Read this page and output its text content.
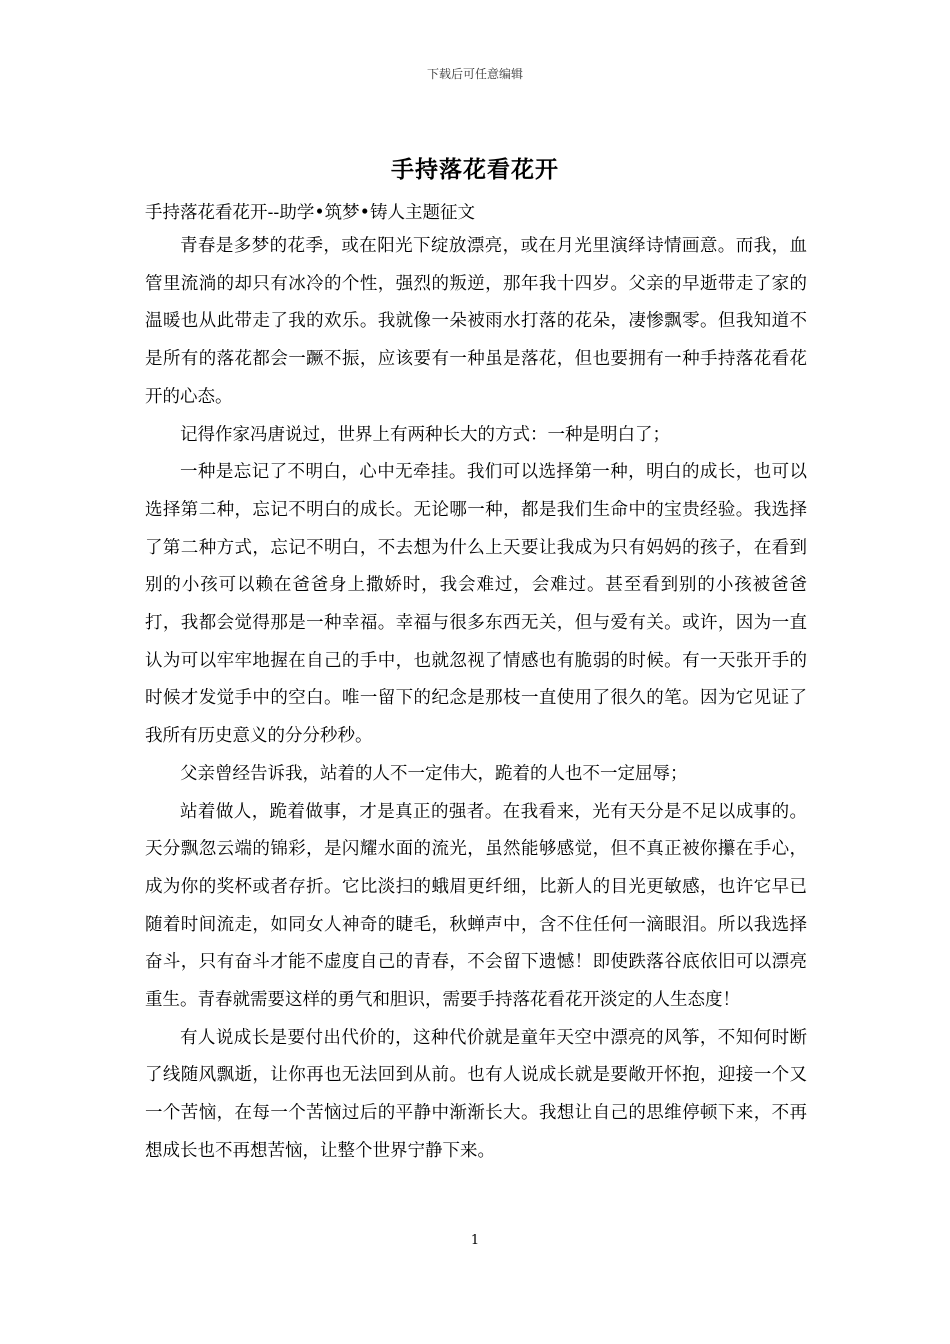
下载后可任意编辑
手持落花看花开

手持落花看花开--助学•筑梦•铸人主题征文

青春是多梦的花季，或在阳光下绽放漂亮，或在月光里演绎诗情画意。而我，血管里流淌的却只有冰冷的个性，强烈的叛逆，那年我十四岁。父亲的早逝带走了家的温暖也从此带走了我的欢乐。我就像一朵被雨水打落的花朵，凄惨飘零。但我知道不是所有的落花都会一蹶不振，应该要有一种虽是落花，但也要拥有一种手持落花看花开的心态。

记得作家冯唐说过，世界上有两种长大的方式：一种是明白了；

一种是忘记了不明白，心中无牵挂。我们可以选择第一种，明白的成长，也可以选择第二种，忘记不明白的成长。无论哪一种，都是我们生命中的宝贵经验。我选择了第二种方式，忘记不明白，不去想为什么上天要让我成为只有妈妈的孩子，在看到别的小孩可以赖在爸爸身上撒娇时，我会难过，会难过。甚至看到别的小孩被爸爸打，我都会觉得那是一种幸福。幸福与很多东西无关，但与爱有关。或许，因为一直认为可以牢牢地握在自己的手中，也就忽视了情感也有脆弱的时候。有一天张开手的时候才发觉手中的空白。唯一留下的纪念是那枝一直使用了很久的笔。因为它见证了我所有历史意义的分分秒秒。

父亲曾经告诉我，站着的人不一定伟大，跪着的人也不一定屈辱；

站着做人，跪着做事，才是真正的强者。在我看来，光有天分是不足以成事的。天分飘忽云端的锦彩，是闪耀水面的流光，虽然能够感觉，但不真正被你攥在手心，成为你的奖杯或者存折。它比淡扫的蛾眉更纤细，比新人的目光更敏感，也许它早已随着时间流走，如同女人神奇的睫毛，秋蝉声中，含不住任何一滴眼泪。所以我选择奋斗，只有奋斗才能不虚度自己的青春，不会留下遗憾！即使跌落谷底依旧可以漂亮重生。青春就需要这样的勇气和胆识，需要手持落花看花开淡定的人生态度！

有人说成长是要付出代价的，这种代价就是童年天空中漂亮的风筝，不知何时断了线随风飘逝，让你再也无法回到从前。也有人说成长就是要敞开怀抱，迎接一个又一个苦恼，在每一个苦恼过后的平静中渐渐长大。我想让自己的思维停顿下来，不再想成长也不再想苦恼，让整个世界宁静下来。

1
